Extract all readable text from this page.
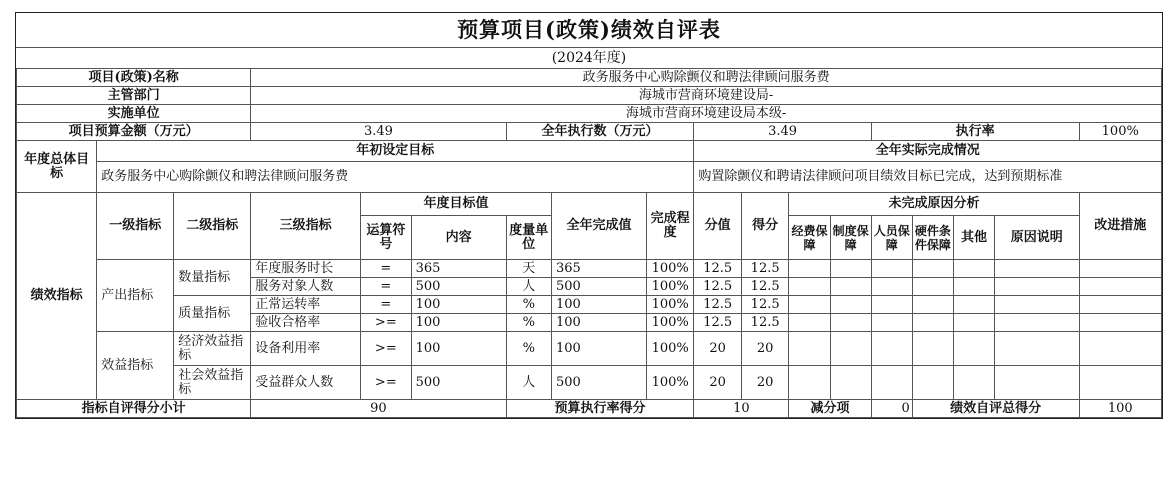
预算项目(政策)绩效自评表
(2024年度)
项目(政策)名称			政务服务中心购除颤仪和聘法律顾问服务费														
主管部门			海城市营商环境建设局-														
实施单位			海城市营商环境建设局本级-														
项目预算金额（万元）			3.49			全年执行数（万元）			3.49				执行率				100%
年度总体目标	年初设定目标								全年实际完成情况								
	政务服务中心购除颤仪和聘法律顾问服务费								购置除颤仪和聘请法律顾问项目绩效目标已完成，达到预期标准								
绩效指标	一级指标	二级指标	三级指标	年度目标值			全年完成值	完成程度	分值	得分	未完成原因分析						改进措施
				运算符号	内容	度量单位					经费保障	制度保障	人员保障	硬件条件保障	其他	原因说明	
	产出指标	数量指标	年度服务时长	=	365	天	365	100%	12.5	12.5							
			服务对象人数	=	500	人	500	100%	12.5	12.5							
		质量指标	正常运转率	=	100	%	100	100%	12.5	12.5							
			验收合格率	>=	100	%	100	100%	12.5	12.5							
	效益指标	经济效益指标	设备利用率	>=	100	%	100	100%	20	20							
		社会效益指标	受益群众人数	>=	500	人	500	100%	20	20							
指标自评得分小计			90			预算执行率得分			10		减分项		0	绩效自评总得分			100
